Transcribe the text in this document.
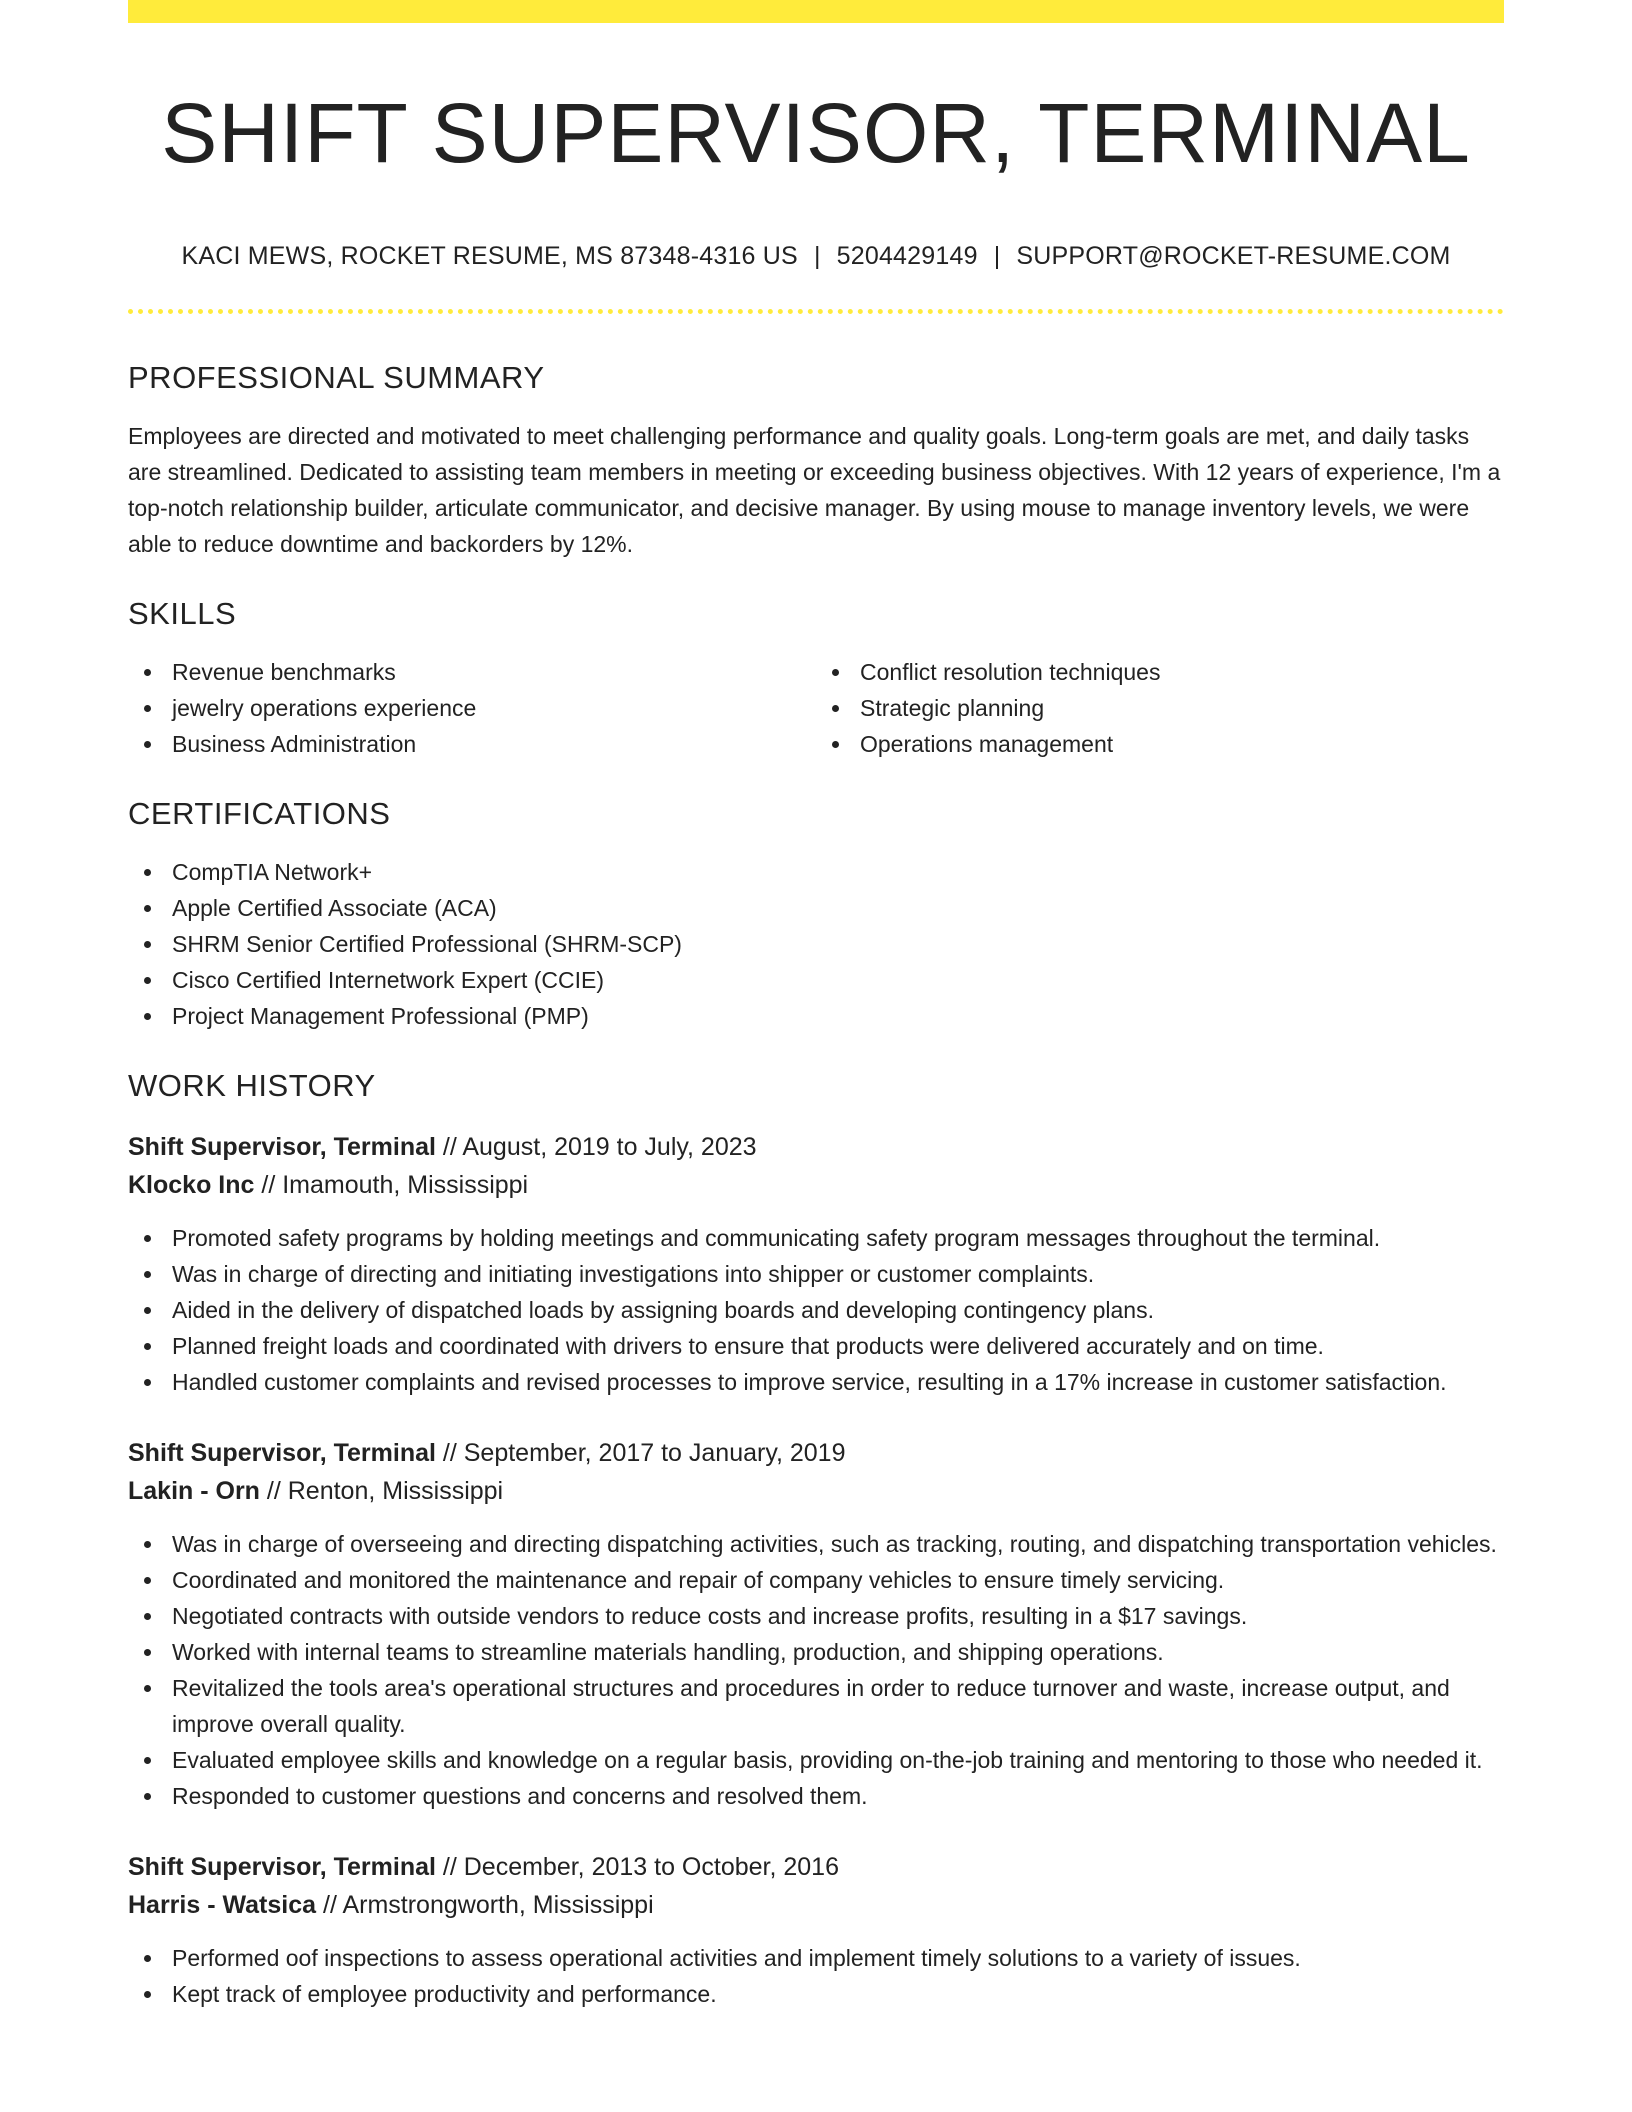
SHIFT SUPERVISOR, TERMINAL
KACI MEWS, ROCKET RESUME, MS 87348-4316 US | 5204429149 | SUPPORT@ROCKET-RESUME.COM
PROFESSIONAL SUMMARY

Employees are directed and motivated to meet challenging performance and quality goals. Long-term goals are met, and daily tasks are streamlined. Dedicated to assisting team members in meeting or exceeding business objectives. With 12 years of experience, I'm a top-notch relationship builder, articulate communicator, and decisive manager. By using mouse to manage inventory levels, we were able to reduce downtime and backorders by 12%.

SKILLS
Revenue benchmarks
jewelry operations experience
Business Administration
Conflict resolution techniques
Strategic planning
Operations management
CERTIFICATIONS
CompTIA Network+
Apple Certified Associate (ACA)
SHRM Senior Certified Professional (SHRM-SCP)
Cisco Certified Internetwork Expert (CCIE)
Project Management Professional (PMP)
WORK HISTORY
Shift Supervisor, Terminal // August, 2019 to July, 2023
Klocko Inc // Imamouth, Mississippi
Promoted safety programs by holding meetings and communicating safety program messages throughout the terminal.
Was in charge of directing and initiating investigations into shipper or customer complaints.
Aided in the delivery of dispatched loads by assigning boards and developing contingency plans.
Planned freight loads and coordinated with drivers to ensure that products were delivered accurately and on time.
Handled customer complaints and revised processes to improve service, resulting in a 17% increase in customer satisfaction.
Shift Supervisor, Terminal // September, 2017 to January, 2019
Lakin - Orn // Renton, Mississippi
Was in charge of overseeing and directing dispatching activities, such as tracking, routing, and dispatching transportation vehicles.
Coordinated and monitored the maintenance and repair of company vehicles to ensure timely servicing.
Negotiated contracts with outside vendors to reduce costs and increase profits, resulting in a $17 savings.
Worked with internal teams to streamline materials handling, production, and shipping operations.
Revitalized the tools area's operational structures and procedures in order to reduce turnover and waste, increase output, and improve overall quality.
Evaluated employee skills and knowledge on a regular basis, providing on-the-job training and mentoring to those who needed it.
Responded to customer questions and concerns and resolved them.
Shift Supervisor, Terminal // December, 2013 to October, 2016
Harris - Watsica // Armstrongworth, Mississippi
Performed oof inspections to assess operational activities and implement timely solutions to a variety of issues.
Kept track of employee productivity and performance.
